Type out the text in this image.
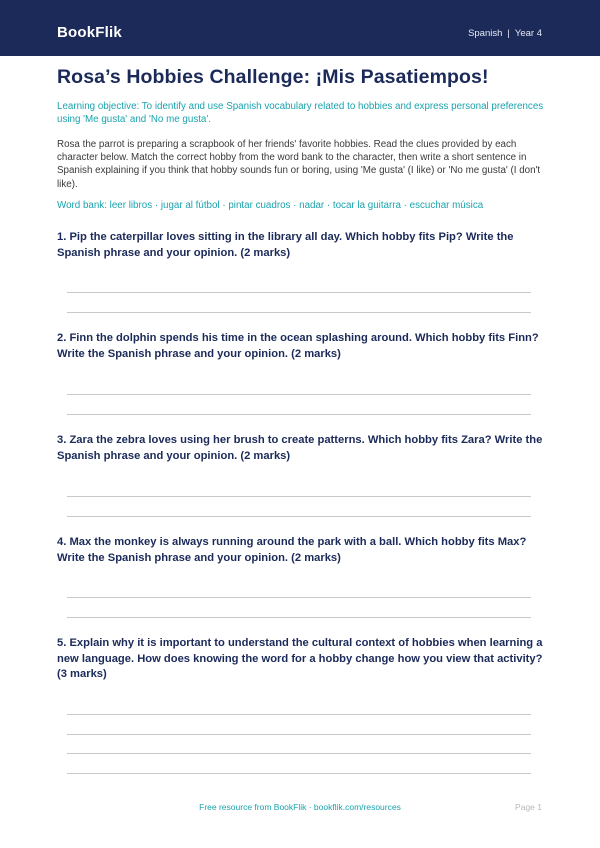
BookFlik	Spanish | Year 4
Rosa’s Hobbies Challenge: ¡Mis Pasatiempos!
Learning objective: To identify and use Spanish vocabulary related to hobbies and express personal preferences using 'Me gusta' and 'No me gusta'.
Rosa the parrot is preparing a scrapbook of her friends' favorite hobbies. Read the clues provided by each character below. Match the correct hobby from the word bank to the character, then write a short sentence in Spanish explaining if you think that hobby sounds fun or boring, using 'Me gusta' (I like) or 'No me gusta' (I don't like).
Word bank: leer libros · jugar al fútbol · pintar cuadros · nadar · tocar la guitarra · escuchar música
1. Pip the caterpillar loves sitting in the library all day. Which hobby fits Pip? Write the Spanish phrase and your opinion. (2 marks)
2. Finn the dolphin spends his time in the ocean splashing around. Which hobby fits Finn? Write the Spanish phrase and your opinion. (2 marks)
3. Zara the zebra loves using her brush to create patterns. Which hobby fits Zara? Write the Spanish phrase and your opinion. (2 marks)
4. Max the monkey is always running around the park with a ball. Which hobby fits Max? Write the Spanish phrase and your opinion. (2 marks)
5. Explain why it is important to understand the cultural context of hobbies when learning a new language. How does knowing the word for a hobby change how you view that activity? (3 marks)
Free resource from BookFlik · bookflik.com/resources	Page 1
